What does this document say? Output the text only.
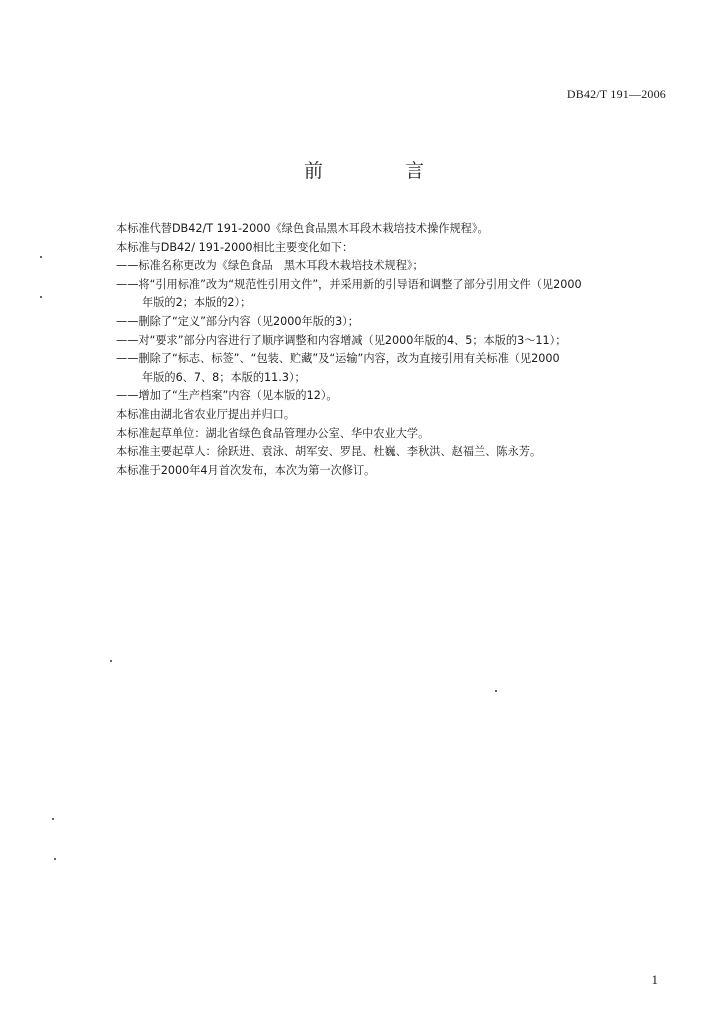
DB42/T 191—2006
前 言
本标准代替DB42/T 191-2000《绿色食品黑木耳段木栽培技术操作规程》。
本标准与DB42/ 191-2000相比主要变化如下：
——标准名称更改为《绿色食品　黑木耳段木栽培技术规程》；
——将“引用标准”改为“规范性引用文件”，并采用新的引导语和调整了部分引用文件（见2000
年版的2；本版的2）；
——删除了“定义”部分内容（见2000年版的3）；
——对“要求”部分内容进行了顺序调整和内容增减（见2000年版的4、5；本版的3～11）；
——删除了“标志、标签”、“包装、贮藏”及“运输”内容，改为直接引用有关标准（见2000
年版的6、7、8；本版的11.3）；
——增加了“生产档案”内容（见本版的12）。
本标准由湖北省农业厅提出并归口。
本标准起草单位：湖北省绿色食品管理办公室、华中农业大学。
本标准主要起草人：徐跃进、袁泳、胡军安、罗昆、杜巍、李秋洪、赵福兰、陈永芳。
本标准于2000年4月首次发布，本次为第一次修订。
1
